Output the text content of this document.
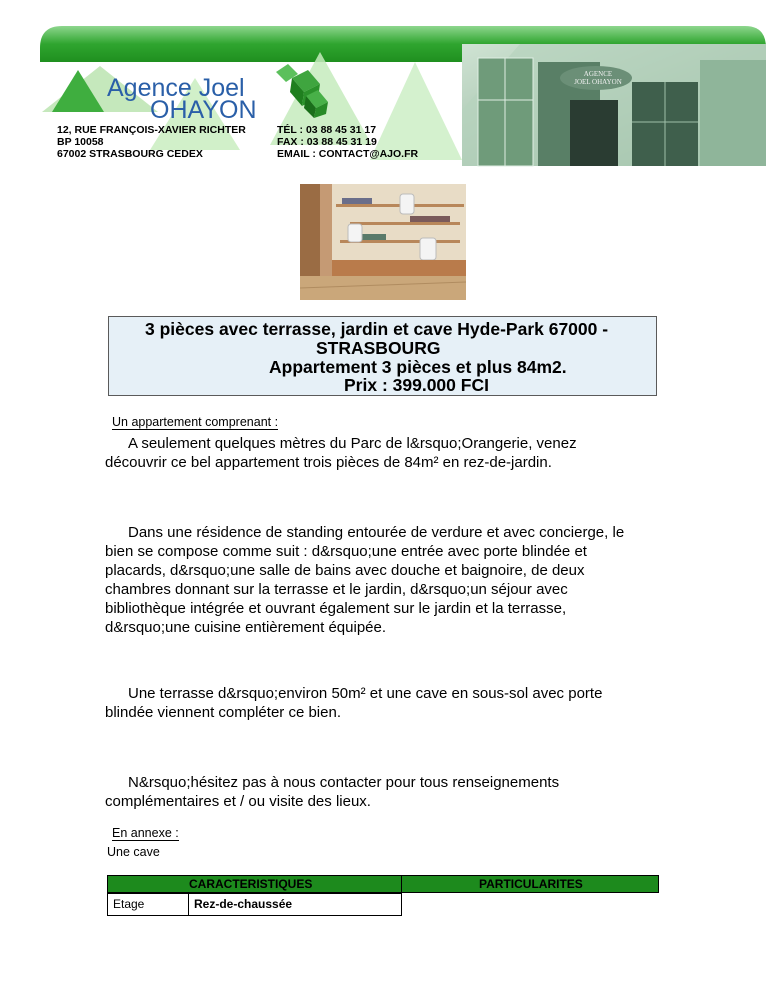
AGENCE
JOEL OHAYON
Agence Joel
OHAYON
12, RUE FRANÇOIS-XAVIER RICHTER
BP 10058
67002 STRASBOURG CEDEX
TÉL : 03 88 45 31 17
FAX : 03 88 45 31 19
EMAIL : CONTACT@AJO.FR
3 pièces avec terrasse, jardin et cave Hyde-Park 67000 -
STRASBOURG
Appartement 3 pièces et plus 84m2.
Prix : 399.000 FCI
Un appartement comprenant :
A seulement quelques mètres du Parc de l&rsquo;Orangerie, venez
découvrir ce bel appartement trois pièces de 84m² en rez-de-jardin.
Dans une résidence de standing entourée de verdure et avec concierge, le
bien se compose comme suit : d&rsquo;une entrée avec porte blindée et
placards, d&rsquo;une salle de bains avec douche et baignoire, de deux
chambres donnant sur la terrasse et le jardin, d&rsquo;un séjour avec
bibliothèque intégrée et ouvrant également sur le jardin et la terrasse,
d&rsquo;une cuisine entièrement équipée.
Une terrasse d&rsquo;environ 50m² et une cave en sous-sol avec porte
blindée viennent compléter ce bien.
N&rsquo;hésitez pas à nous contacter pour tous renseignements
complémentaires et / ou visite des lieux.
En annexe :
Une cave
CARACTERISTIQUES	PARTICULARITES
Etage	Rez-de-chaussée
